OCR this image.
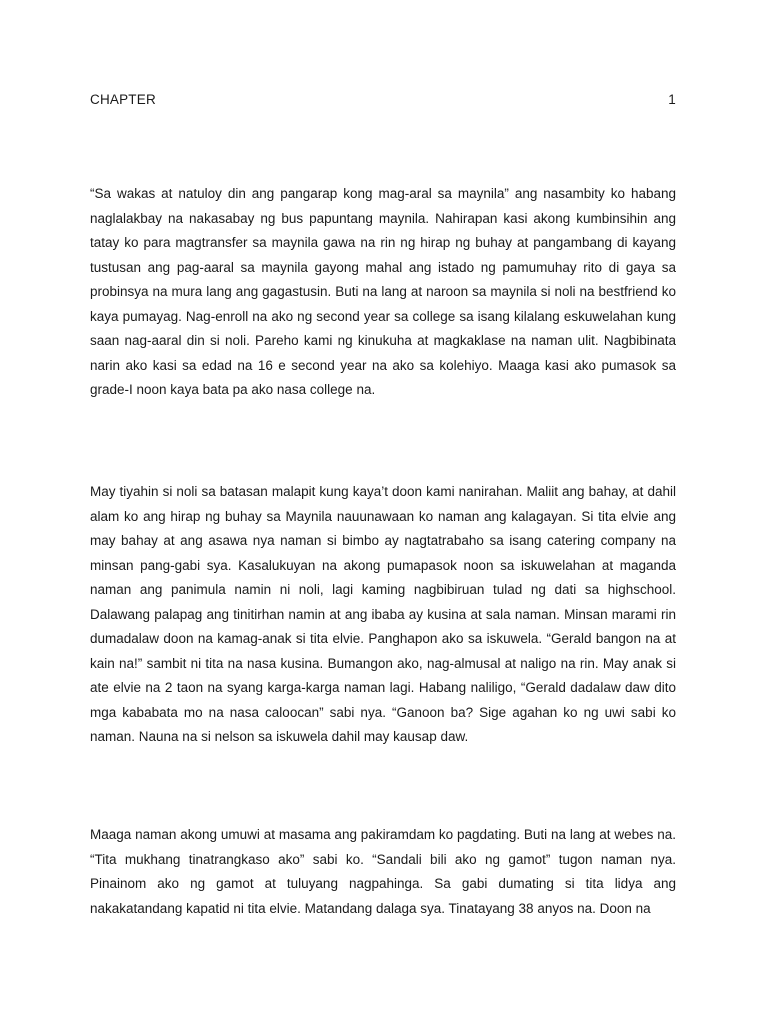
CHAPTER	1

“Sa wakas at natuloy din ang pangarap kong mag-aral sa maynila” ang nasambity ko habang naglalakbay na nakasabay ng bus papuntang maynila. Nahirapan kasi akong kumbinsihin ang tatay ko para magtransfer sa maynila gawa na rin ng hirap ng buhay at pangambang di kayang tustusan ang pag-aaral sa maynila gayong mahal ang istado ng pamumuhay rito di gaya sa probinsya na mura lang ang gagastusin. Buti na lang at naroon sa maynila si noli na bestfriend ko kaya pumayag. Nag-enroll na ako ng second year sa college sa isang kilalang eskuwelahan kung saan nag-aaral din si noli. Pareho kami ng kinukuha at magkaklase na naman ulit. Nagbibinata narin ako kasi sa edad na 16 e second year na ako sa kolehiyo. Maaga kasi ako pumasok sa grade-I noon kaya bata pa ako nasa college na.

May tiyahin si noli sa batasan malapit kung kaya’t doon kami nanirahan. Maliit ang bahay, at dahil alam ko ang hirap ng buhay sa Maynila nauunawaan ko naman ang kalagayan. Si tita elvie ang may bahay at ang asawa nya naman si bimbo ay nagtatrabaho sa isang catering company na minsan pang-gabi sya. Kasalukuyan na akong pumapasok noon sa iskuwelahan at maganda naman ang panimula namin ni noli, lagi kaming nagbibiruan tulad ng dati sa highschool. Dalawang palapag ang tinitirhan namin at ang ibaba ay kusina at sala naman. Minsan marami rin dumadalaw doon na kamag-anak si tita elvie. Panghapon ako sa iskuwela. “Gerald bangon na at kain na!” sambit ni tita na nasa kusina. Bumangon ako, nag-almusal at naligo na rin. May anak si ate elvie na 2 taon na syang karga-karga naman lagi. Habang naliligo, “Gerald dadalaw daw dito mga kababata mo na nasa caloocan” sabi nya. “Ganoon ba? Sige agahan ko ng uwi sabi ko naman. Nauna na si nelson sa iskuwela dahil may kausap daw.

Maaga naman akong umuwi at masama ang pakiramdam ko pagdating. Buti na lang at webes na. “Tita mukhang tinatrangkaso ako” sabi ko. “Sandali bili ako ng gamot” tugon naman nya. Pinainom ako ng gamot at tuluyang nagpahinga. Sa gabi dumating si tita lidya ang nakakatandang kapatid ni tita elvie. Matandang dalaga sya. Tinatayang 38 anyos na. Doon na
